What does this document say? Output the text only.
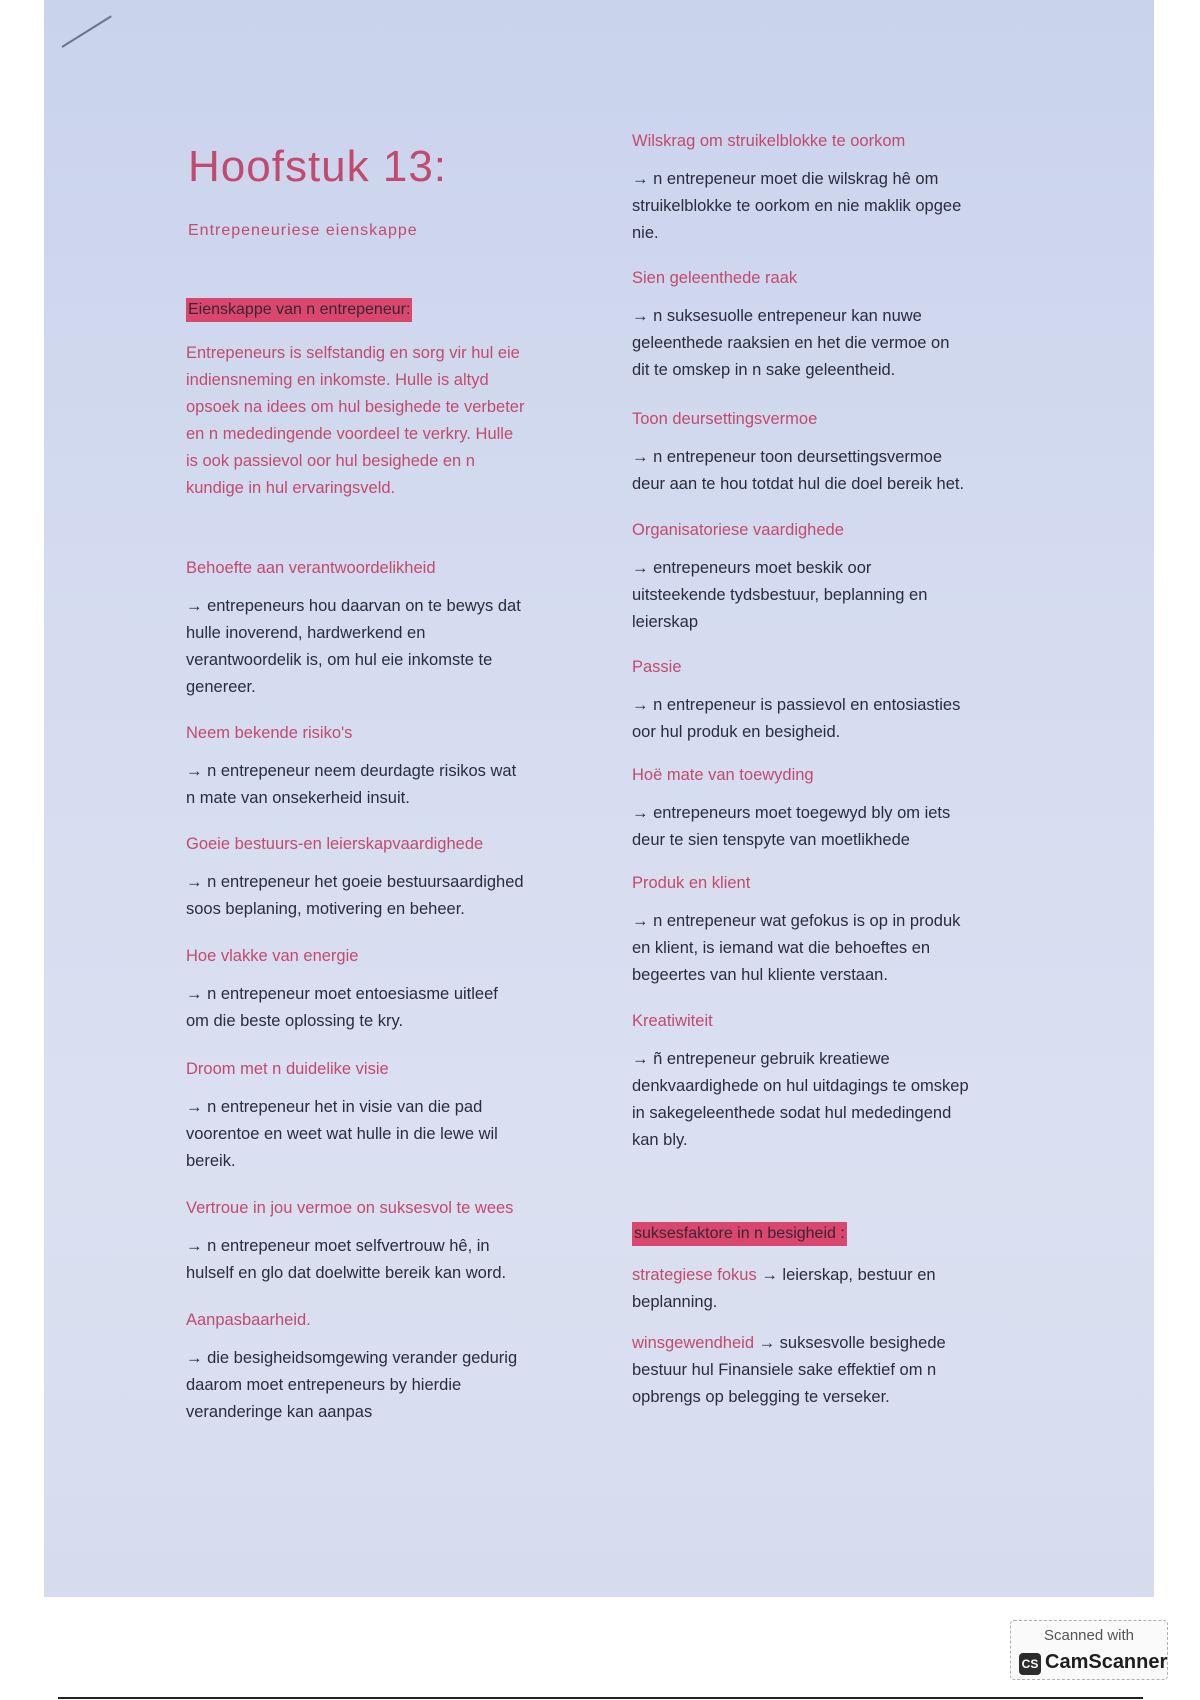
Hoofstuk 13:

Entrepeneuriese eienskappe

Eienskappe van n entrepeneur:

Entrepeneurs is selfstandig en sorg vir hul eie
indiensneming en inkomste. Hulle is altyd
opsoek na idees om hul besighede te verbeter
en n mededingende voordeel te verkry. Hulle
is ook passievol oor hul besighede en n
kundige in hul ervaringsveld.

Behoefte aan verantwoordelikheid

→ entrepeneurs hou daarvan on te bewys dat
hulle inoverend, hardwerkend en
verantwoordelik is, om hul eie inkomste te
genereer.

Neem bekende risiko's

→ n entrepeneur neem deurdagte risikos wat
n mate van onsekerheid insuit.

Goeie bestuurs-en leierskapvaardighede

→ n entrepeneur het goeie bestuursaardighed
soos beplaning, motivering en beheer.

Hoe vlakke van energie

→ n entrepeneur moet entoesiasme uitleef
om die beste oplossing te kry.

Droom met n duidelike visie

→ n entrepeneur het in visie van die pad
voorentoe en weet wat hulle in die lewe wil
bereik.

Vertroue in jou vermoe on suksesvol te wees

→ n entrepeneur moet selfvertrouw hê, in
hulself en glo dat doelwitte bereik kan word.

Aanpasbaarheid.

→ die besigheidsomgewing verander gedurig
daarom moet entrepeneurs by hierdie
veranderinge kan aanpas

Wilskrag om struikelblokke te oorkom

→ n entrepeneur moet die wilskrag hê om
struikelblokke te oorkom en nie maklik opgee
nie.

Sien geleenthede raak

→ n suksesuolle entrepeneur kan nuwe
geleenthede raaksien en het die vermoe on
dit te omskep in n sake geleentheid.

Toon deursettingsvermoe

→ n entrepeneur toon deursettingsvermoe
deur aan te hou totdat hul die doel bereik het.

Organisatoriese vaardighede

→ entrepeneurs moet beskik oor
uitsteekende tydsbestuur, beplanning en
leierskap

Passie

→ n entrepeneur is passievol en entosiasties
oor hul produk en besigheid.

Hoë mate van toewyding

→ entrepeneurs moet toegewyd bly om iets
deur te sien tenspyte van moetlikhede

Produk en klient

→ n entrepeneur wat gefokus is op in produk
en klient, is iemand wat die behoeftes en
begeertes van hul kliente verstaan.

Kreatiwiteit

→ ñ entrepeneur gebruik kreatiewe
denkvaardighede on hul uitdagings te omskep
in sakegeleenthede sodat hul mededingend
kan bly.

suksesfaktore in n besigheid :

strategiese fokus → leierskap, bestuur en
beplanning.
winsgewendheid → suksesvolle besighede
bestuur hul Finansiele sake effektief om n
opbrengs op belegging te verseker.
Scanned with
CS CamScanner
